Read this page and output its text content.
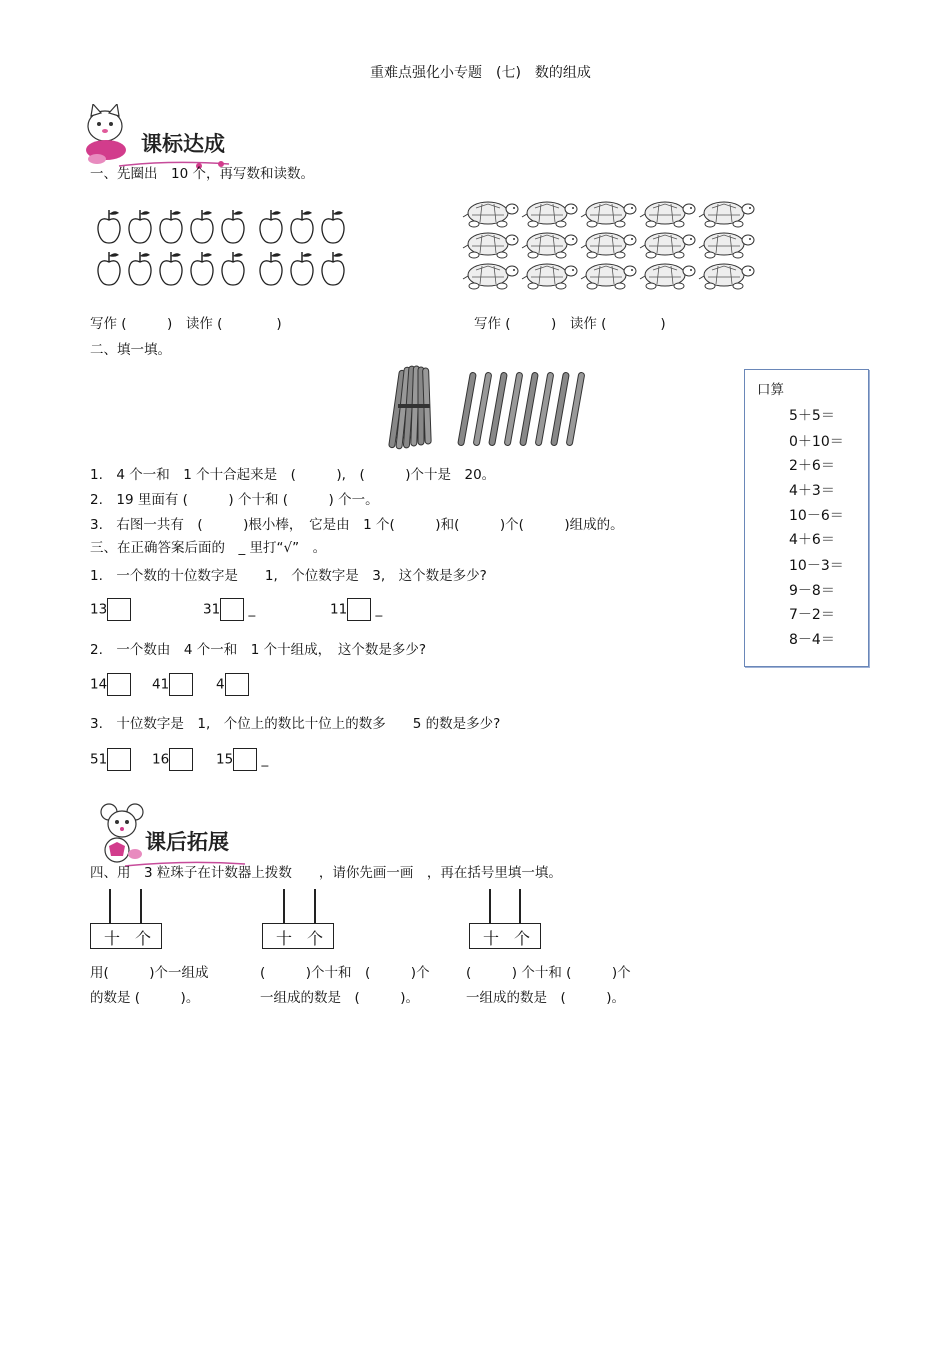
重难点强化小专题　(七)　数的组成

课标达成

一、先圈出　10 个，再写数和读数。
写作 (　　　)　读作 (　　　　)	写作 (　　　)　读作 (　　　　)
二、填一填。
1.　4 个一和　1 个十合起来是　(　　　),　(　　　)个十是　20。
2.　19 里面有 (　　　) 个十和 (　　　) 个一。
3.　右图一共有　(　　　)根小棒，　它是由　1 个(　　　)和(　　　)个(　　　)组成的。
口算
5＋5＝
0＋10＝
2＋6＝
4＋3＝
10－6＝
4＋6＝
10－3＝
9－8＝
7－2＝
8－4＝
三、在正确答案后面的　_ 里打“√”　。
1.　一个数的十位数字是　　1,　个位数字是　3,　这个数是多少?
13	31 _	11 _
2.　一个数由　4 个一和　1 个十组成，　这个数是多少?
14	41	4
3.　十位数字是　1,　个位上的数比十位上的数多　　5 的数是多少?
51	16	15 _

课后拓展

四、用　3 粒珠子在计数器上拨数　　，请你先画一画　，再在括号里填一填。

十

个

	十

个

	十

个

用(　　　)个一组成
的数是 (　　　)。
(　　　)个十和　(　　　)个
一组成的数是　(　　　)。
(　　　) 个十和 (　　　)个
一组成的数是　(　　　)。
